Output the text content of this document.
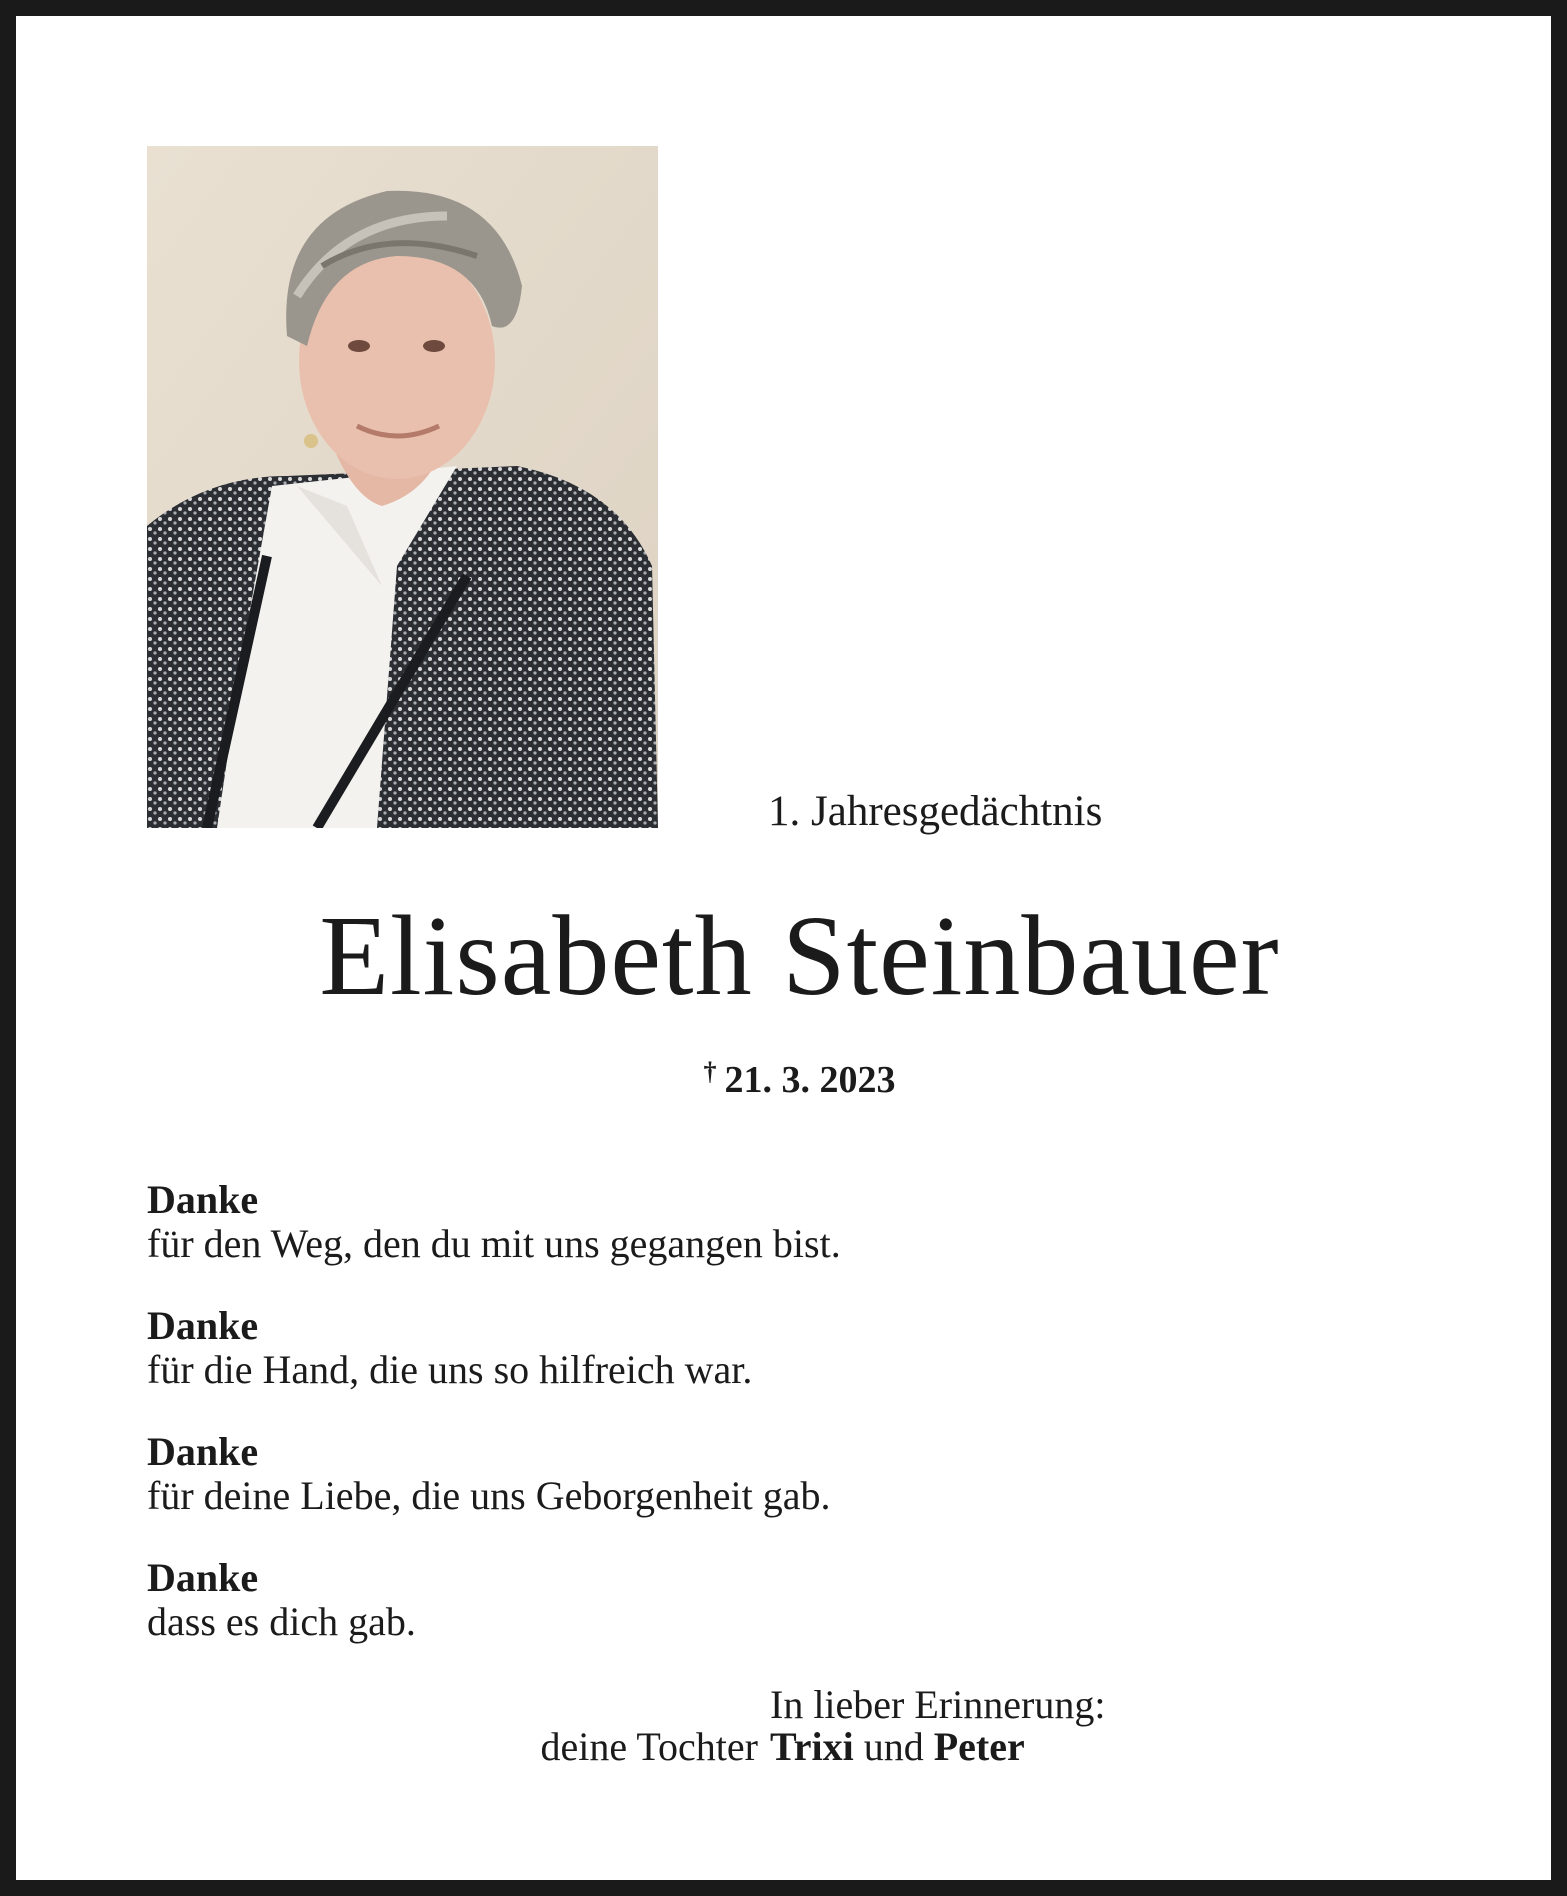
1. Jahresgedächtnis
Elisabeth Steinbauer
† 21. 3. 2023
Danke
für den Weg, den du mit uns gegangen bist.
Danke
für die Hand, die uns so hilfreich war.
Danke
für deine Liebe, die uns Geborgenheit gab.
Danke
dass es dich gab.
In lieber Erinnerung:
deine Tochter Trixi und Peter
